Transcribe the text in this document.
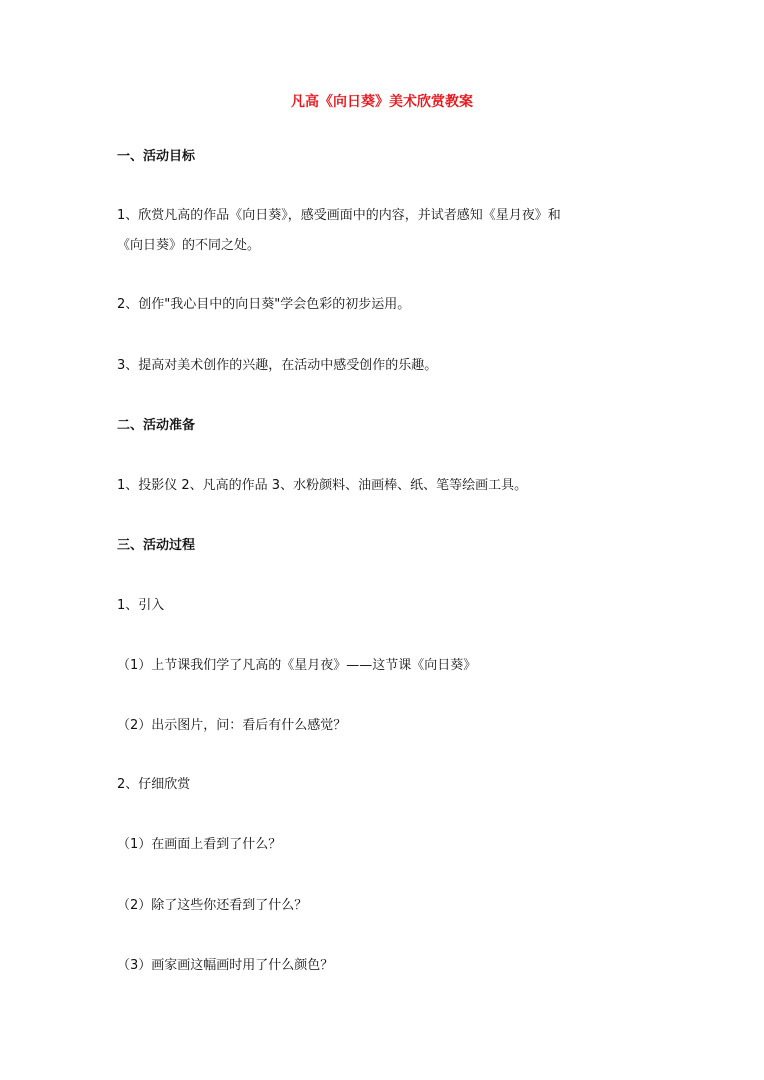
凡高《向日葵》美术欣赏教案
一、活动目标
1、欣赏凡高的作品《向日葵》，感受画面中的内容，并试者感知《星月夜》和
《向日葵》的不同之处。
2、创作"我心目中的向日葵"学会色彩的初步运用。
3、提高对美术创作的兴趣，在活动中感受创作的乐趣。
二、活动准备
1、投影仪 2、凡高的作品 3、水粉颜料、油画棒、纸、笔等绘画工具。
三、活动过程
1、引入
（1）上节课我们学了凡高的《星月夜》——这节课《向日葵》
（2）出示图片，问：看后有什么感觉？
2、仔细欣赏
（1）在画面上看到了什么？
（2）除了这些你还看到了什么？
（3）画家画这幅画时用了什么颜色？
